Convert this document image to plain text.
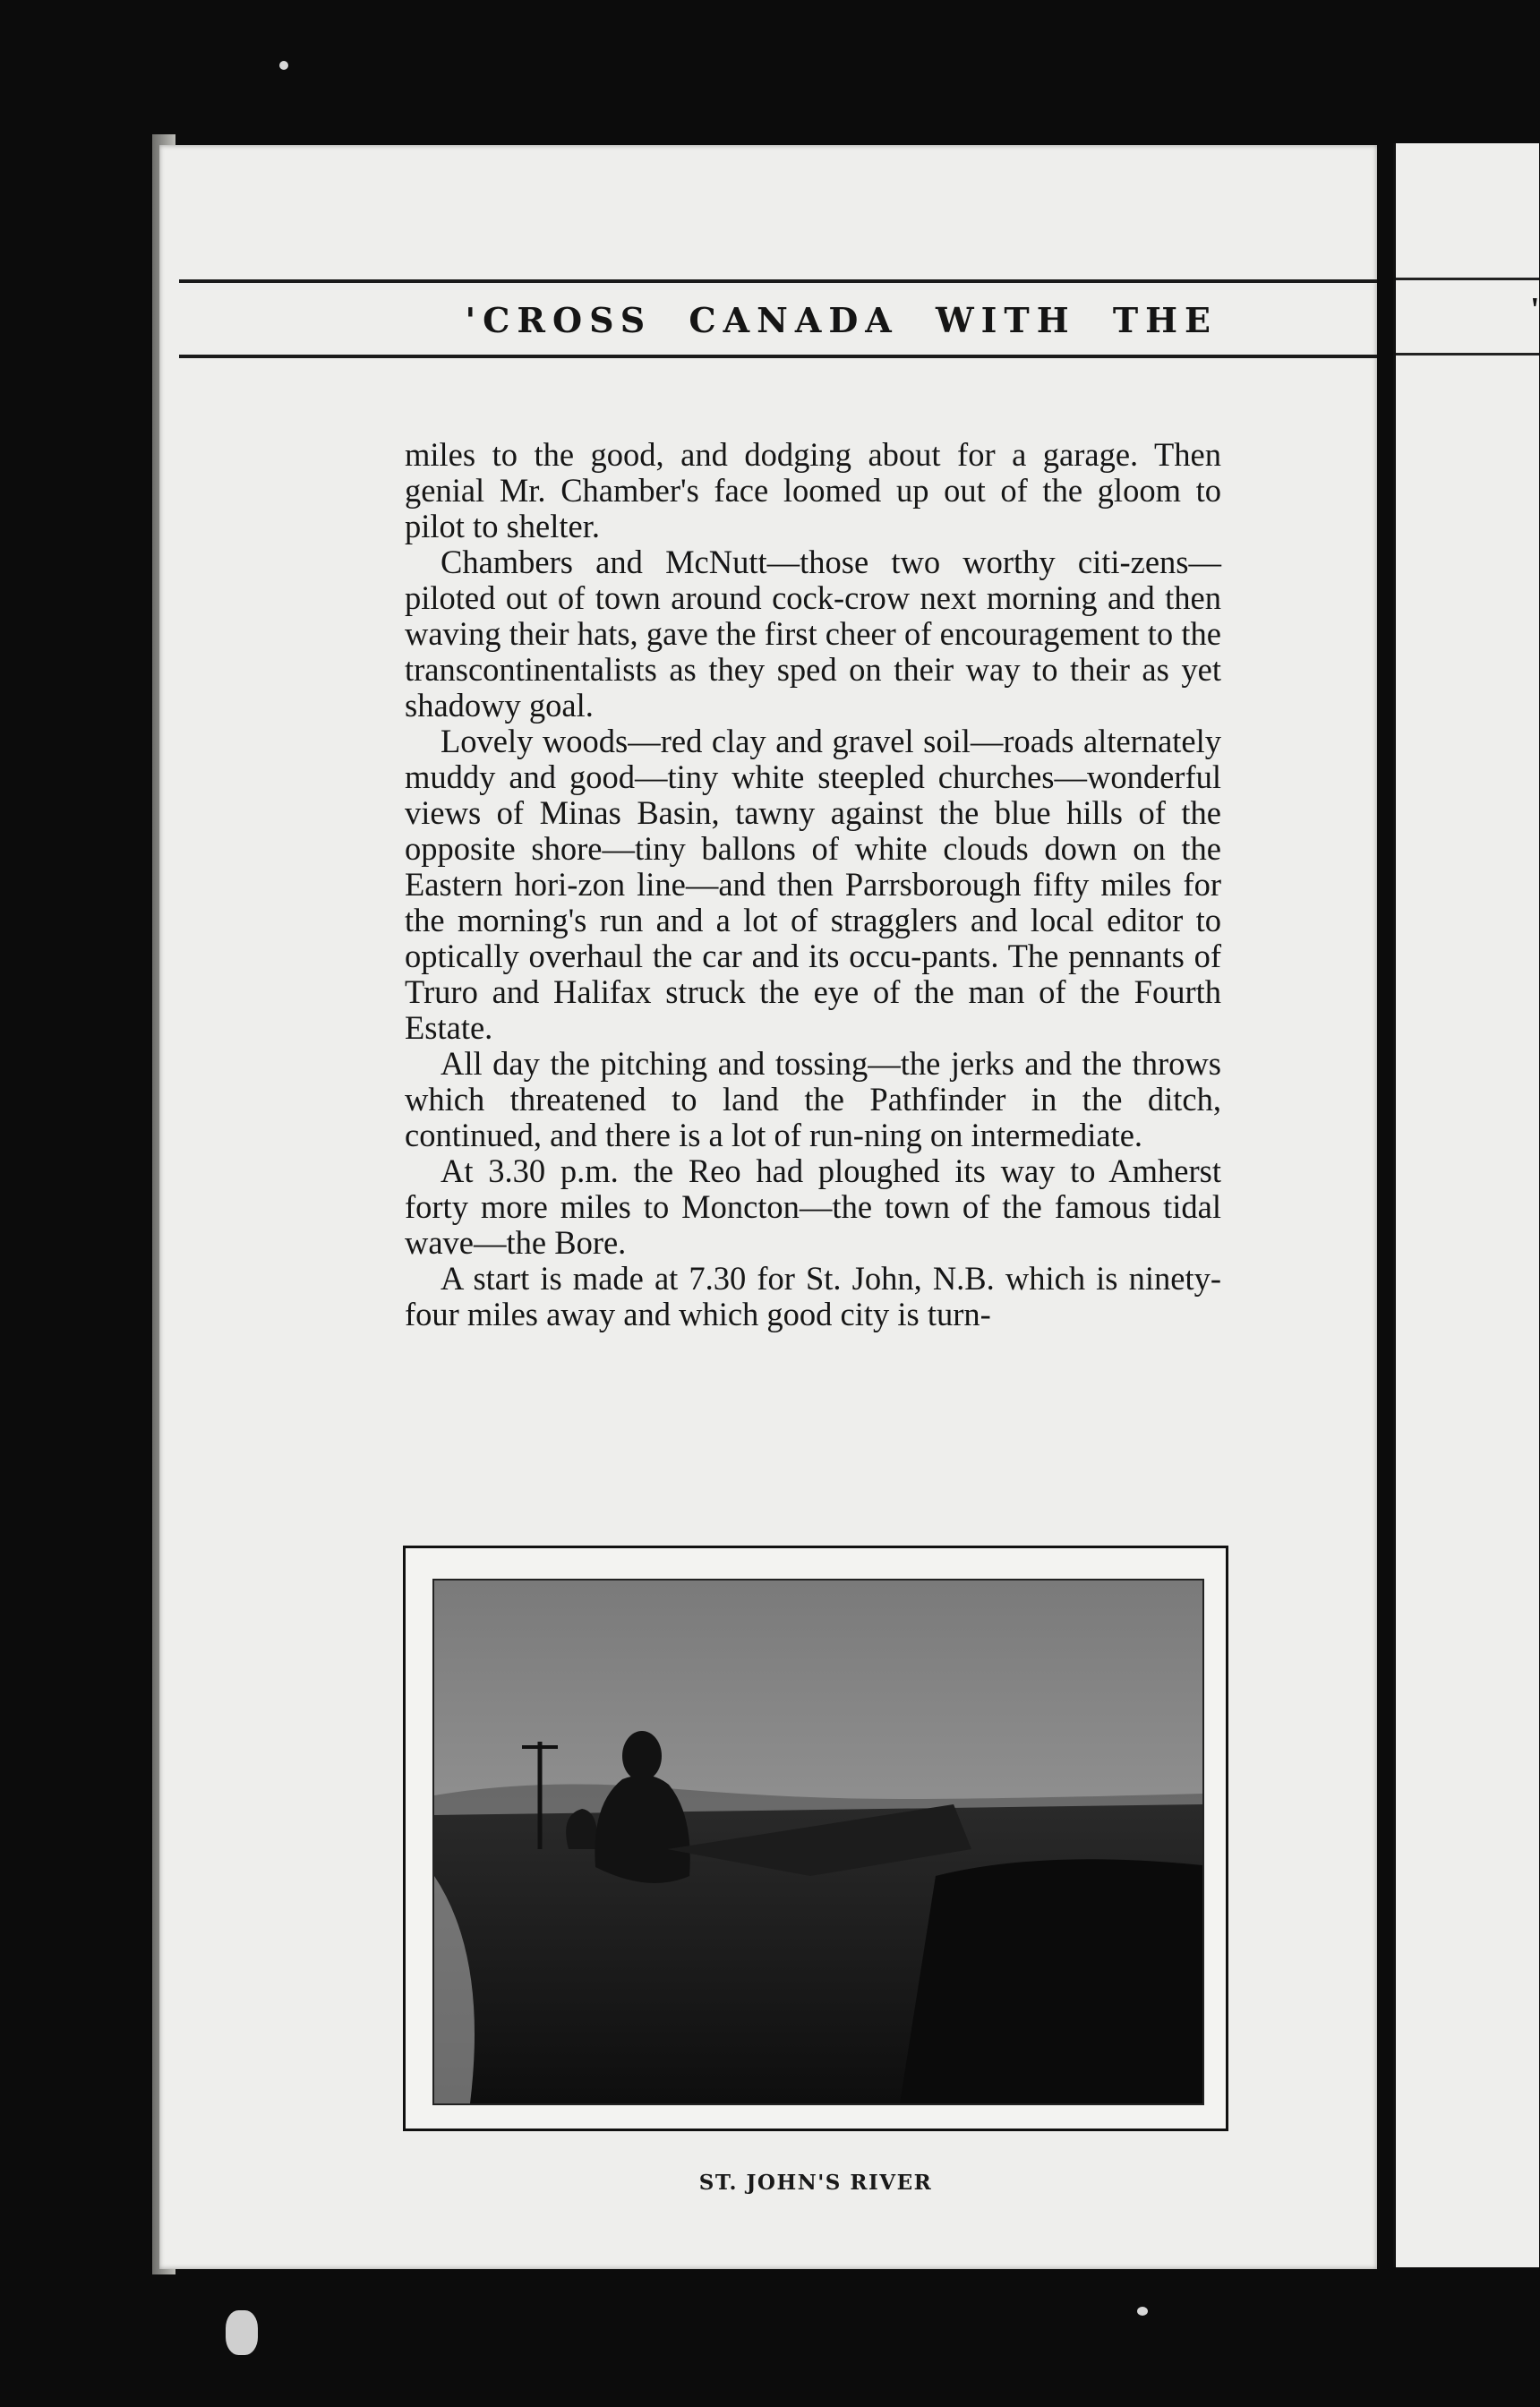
'
'CROSS CANADA WITH THE

miles to the good, and dodging about for a garage. Then genial Mr. Chamber's face loomed up out of the gloom to pilot to shelter.

Chambers and McNutt—those two worthy citi-zens—piloted out of town around cock-crow next morning and then waving their hats, gave the first cheer of encouragement to the transcontinentalists as they sped on their way to their as yet shadowy goal.

Lovely woods—red clay and gravel soil—roads alternately muddy and good—tiny white steepled churches—wonderful views of Minas Basin, tawny against the blue hills of the opposite shore—tiny ballons of white clouds down on the Eastern hori-zon line—and then Parrsborough fifty miles for the morning's run and a lot of stragglers and local editor to optically overhaul the car and its occu-pants. The pennants of Truro and Halifax struck the eye of the man of the Fourth Estate.

All day the pitching and tossing—the jerks and the throws which threatened to land the Pathfinder in the ditch, continued, and there is a lot of run-ning on intermediate.

At 3.30 p.m. the Reo had ploughed its way to Amherst forty more miles to Moncton—the town of the famous tidal wave—the Bore.

A start is made at 7.30 for St. John, N.B. which is ninety-four miles away and which good city is turn-

ST. JOHN'S RIVER
